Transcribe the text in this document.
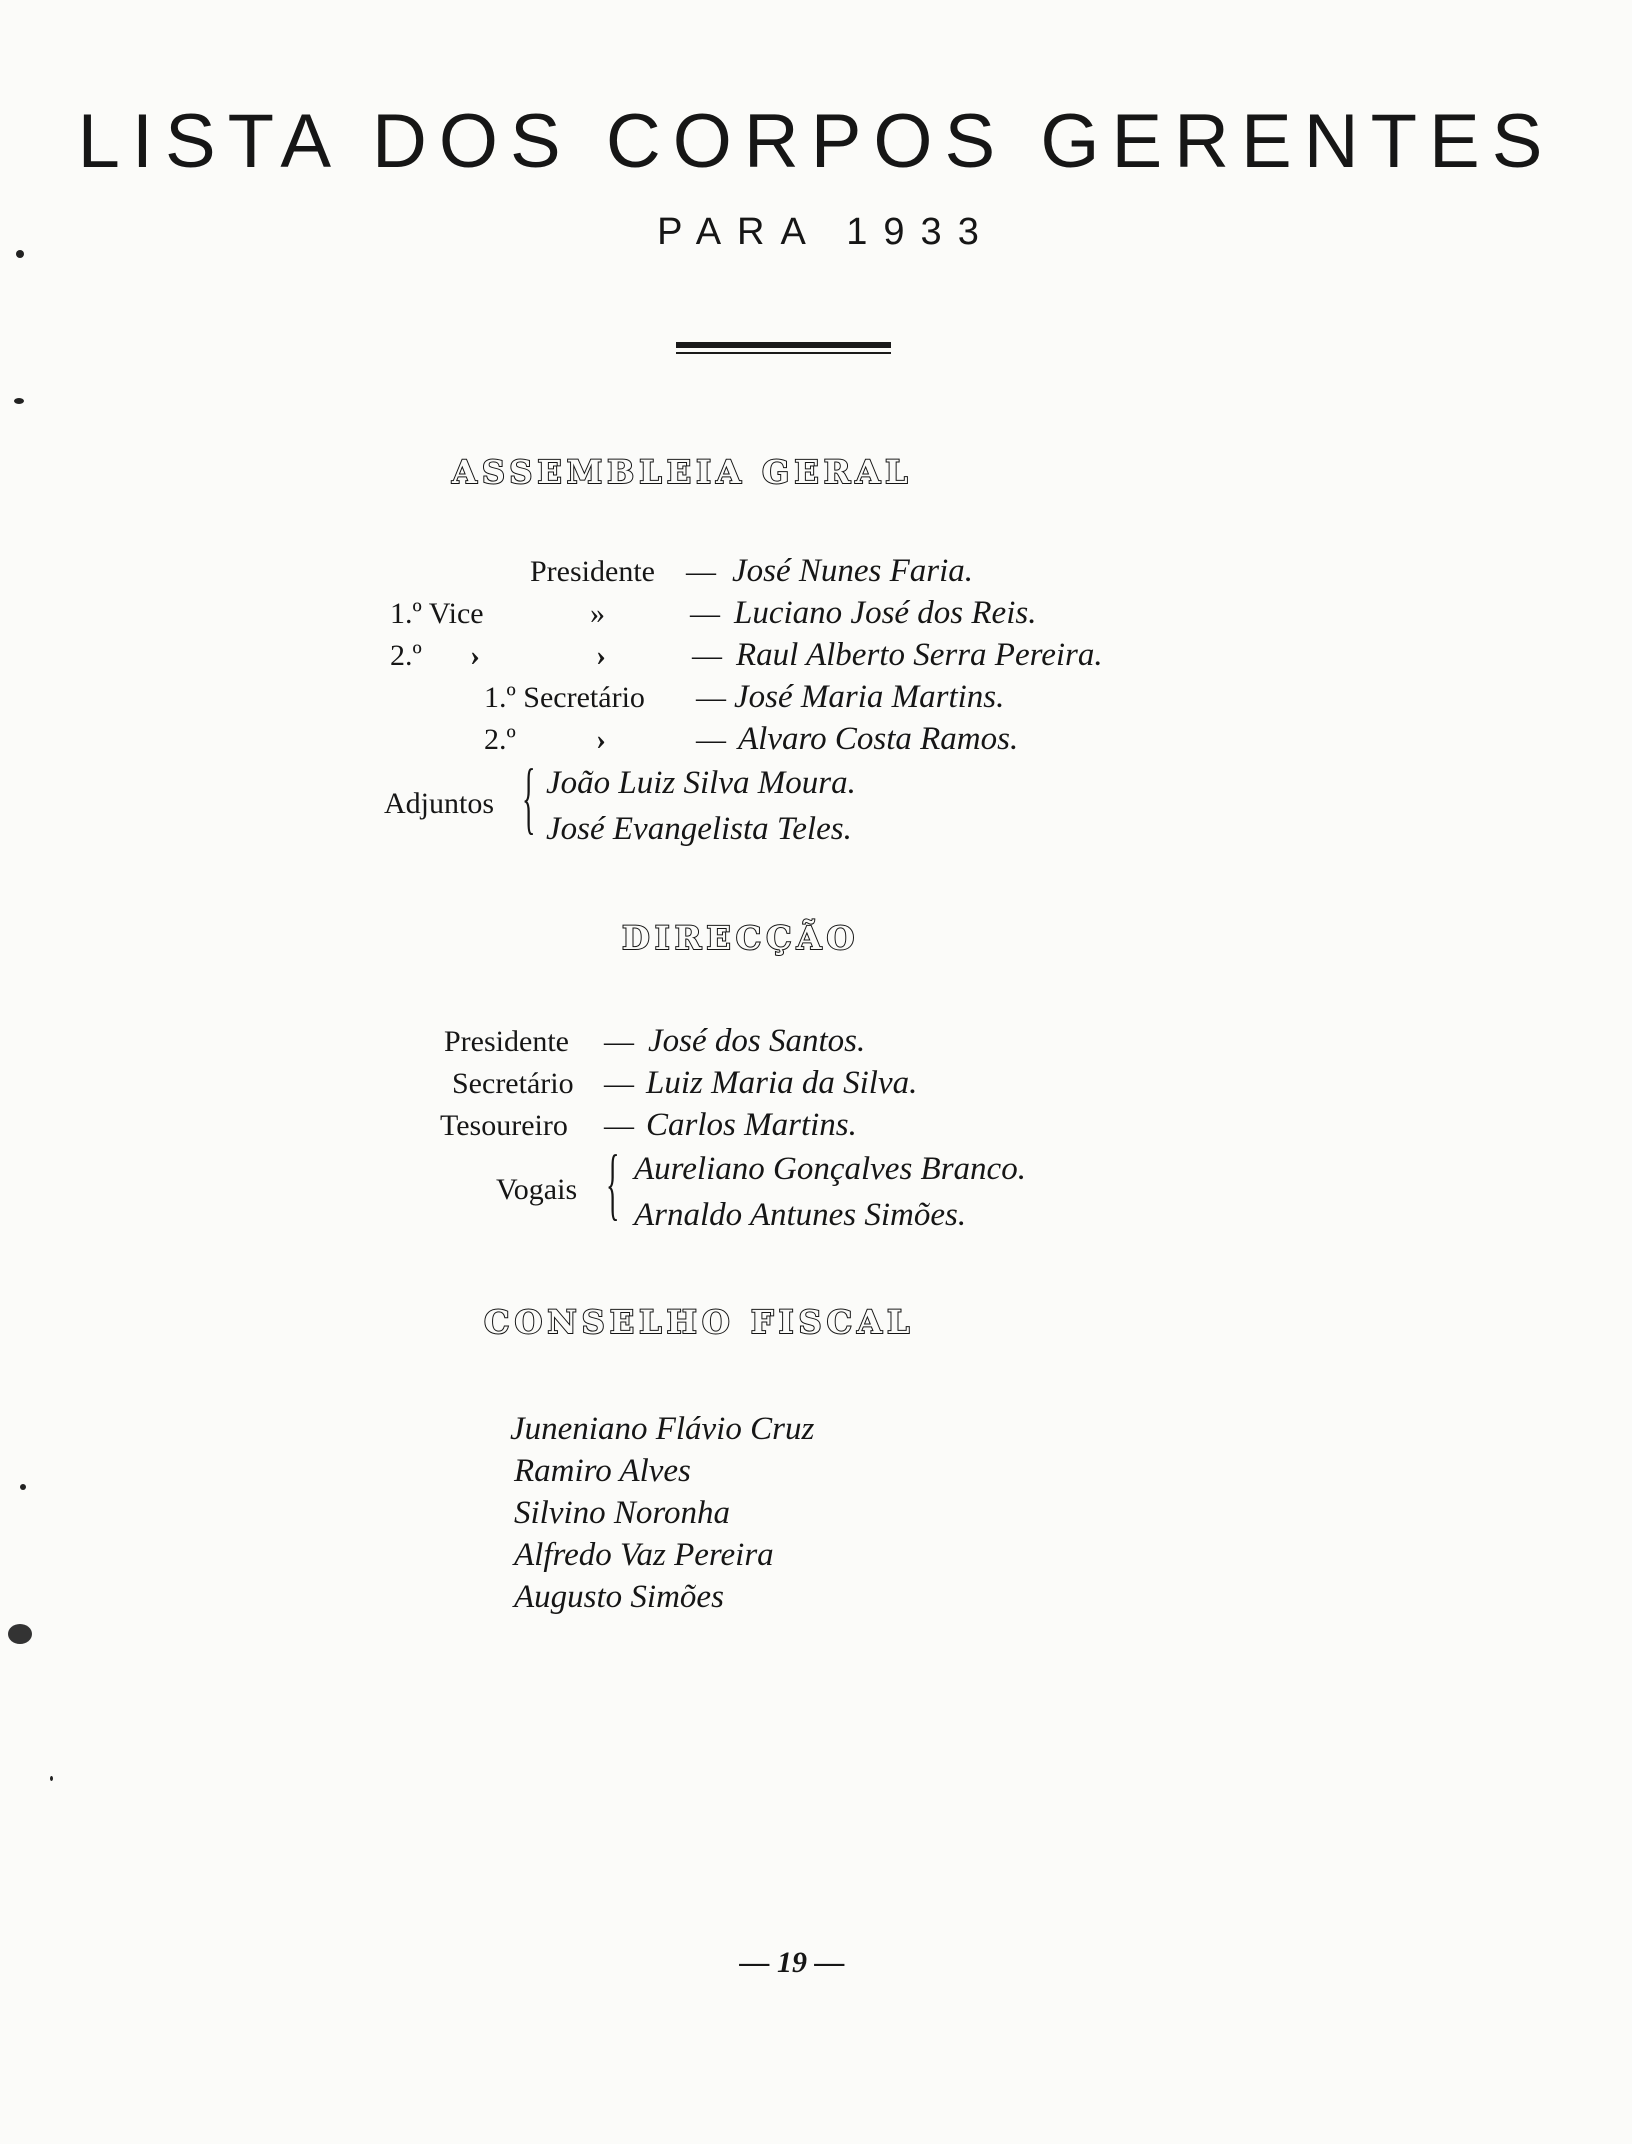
LISTA DOS CORPOS GERENTES
PARA 1933
ASSEMBLEIA GERAL
Presidente — José Nunes Faria.
1.º Vice	»	— Luciano José dos Reis.
2.º ›	›	— Raul Alberto Serra Pereira.
1.º Secretário — José Maria Martins.
2.º	›	— Alvaro Costa Ramos.
Adjuntos { João Luiz Silva Moura.
José Evangelista Teles.
DIRECÇÃO
Presidente — José dos Santos.
Secretário — Luiz Maria da Silva.
Tesoureiro — Carlos Martins.
Vogais { Aureliano Gonçalves Branco.
Arnaldo Antunes Simões.
CONSELHO FISCAL
Juneniano Flávio Cruz
Ramiro Alves
Silvino Noronha
Alfredo Vaz Pereira
Augusto Simões
— 19 —
